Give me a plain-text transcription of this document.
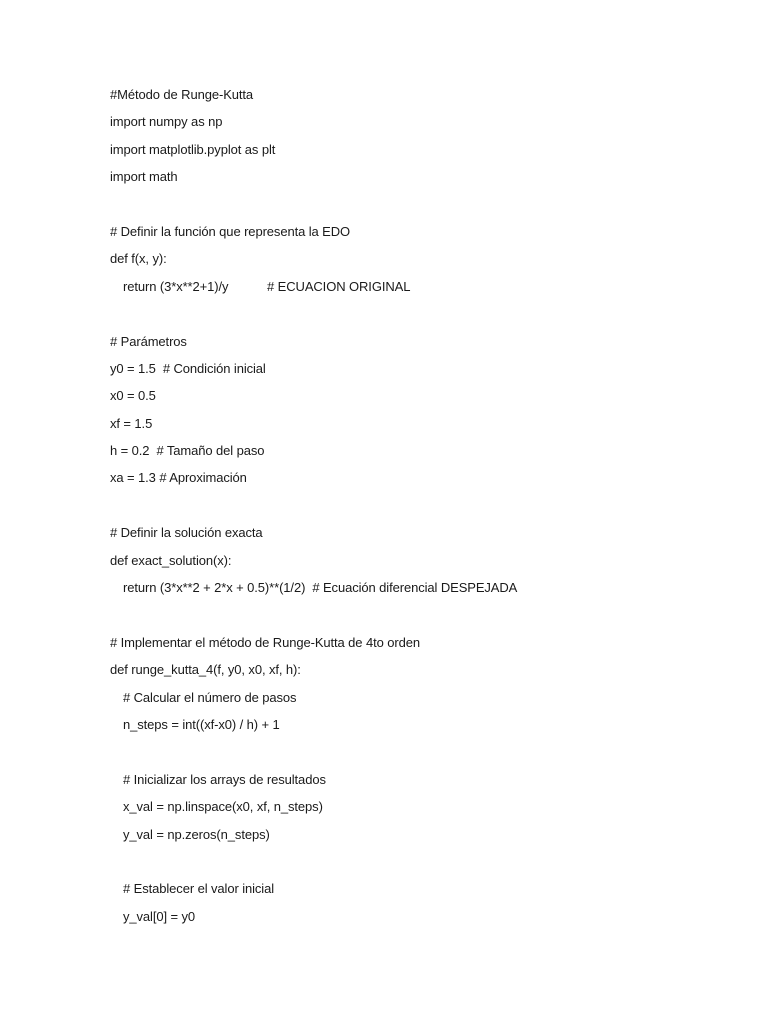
#Método de Runge-Kutta
import numpy as np
import matplotlib.pyplot as plt
import math
# Definir la función que representa la EDO
def f(x, y):
return (3*x**2+1)/y           # ECUACION ORIGINAL
# Parámetros
y0 = 1.5  # Condición inicial
x0 = 0.5
xf = 1.5
h = 0.2  # Tamaño del paso
xa = 1.3 # Aproximación
# Definir la solución exacta
def exact_solution(x):
return (3*x**2 + 2*x + 0.5)**(1/2)  # Ecuación diferencial DESPEJADA
# Implementar el método de Runge-Kutta de 4to orden
def runge_kutta_4(f, y0, x0, xf, h):
# Calcular el número de pasos
n_steps = int((xf-x0) / h) + 1
# Inicializar los arrays de resultados
x_val = np.linspace(x0, xf, n_steps)
y_val = np.zeros(n_steps)
# Establecer el valor inicial
y_val[0] = y0
